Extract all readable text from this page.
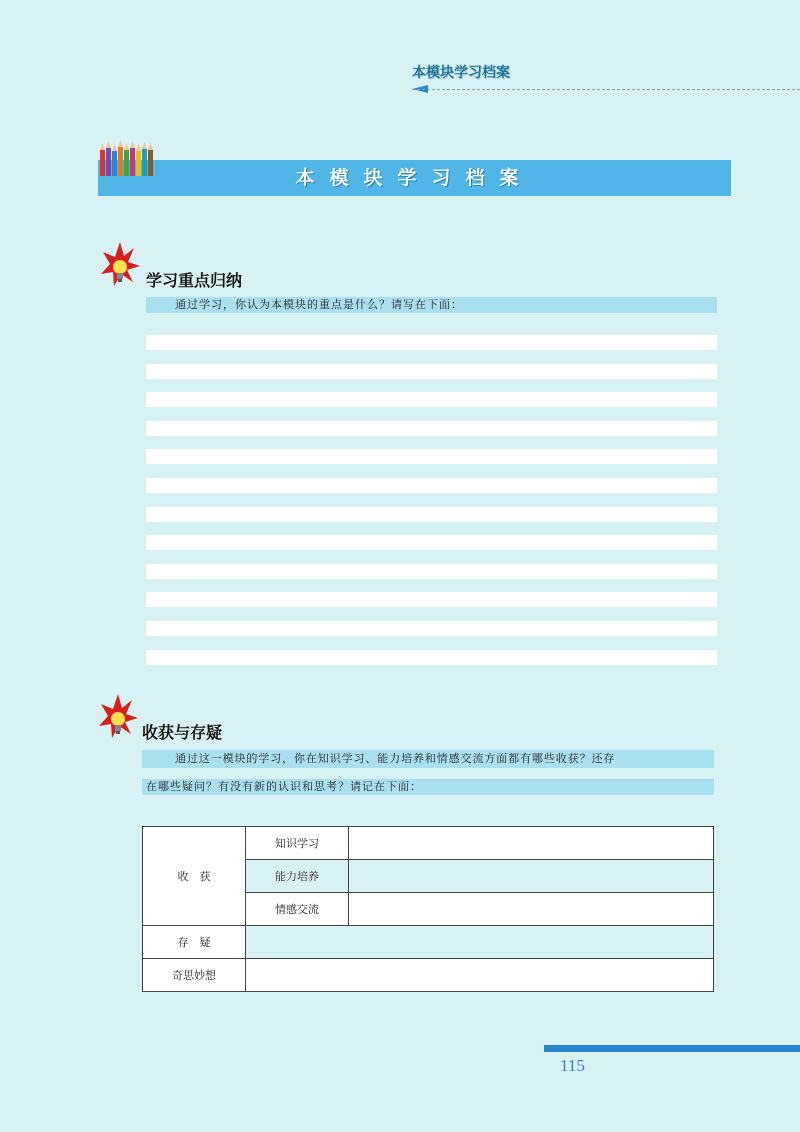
本模块学习档案
本模块学习档案
学习重点归纳
通过学习，你认为本模块的重点是什么？请写在下面：
收获与存疑
通过这一模块的学习，你在知识学习、能力培养和情感交流方面都有哪些收获？还存
在哪些疑问？有没有新的认识和思考？请记在下面：
收　获	知识学习	
	能力培养	
	情感交流	
存　疑		
奇思妙想		
115
